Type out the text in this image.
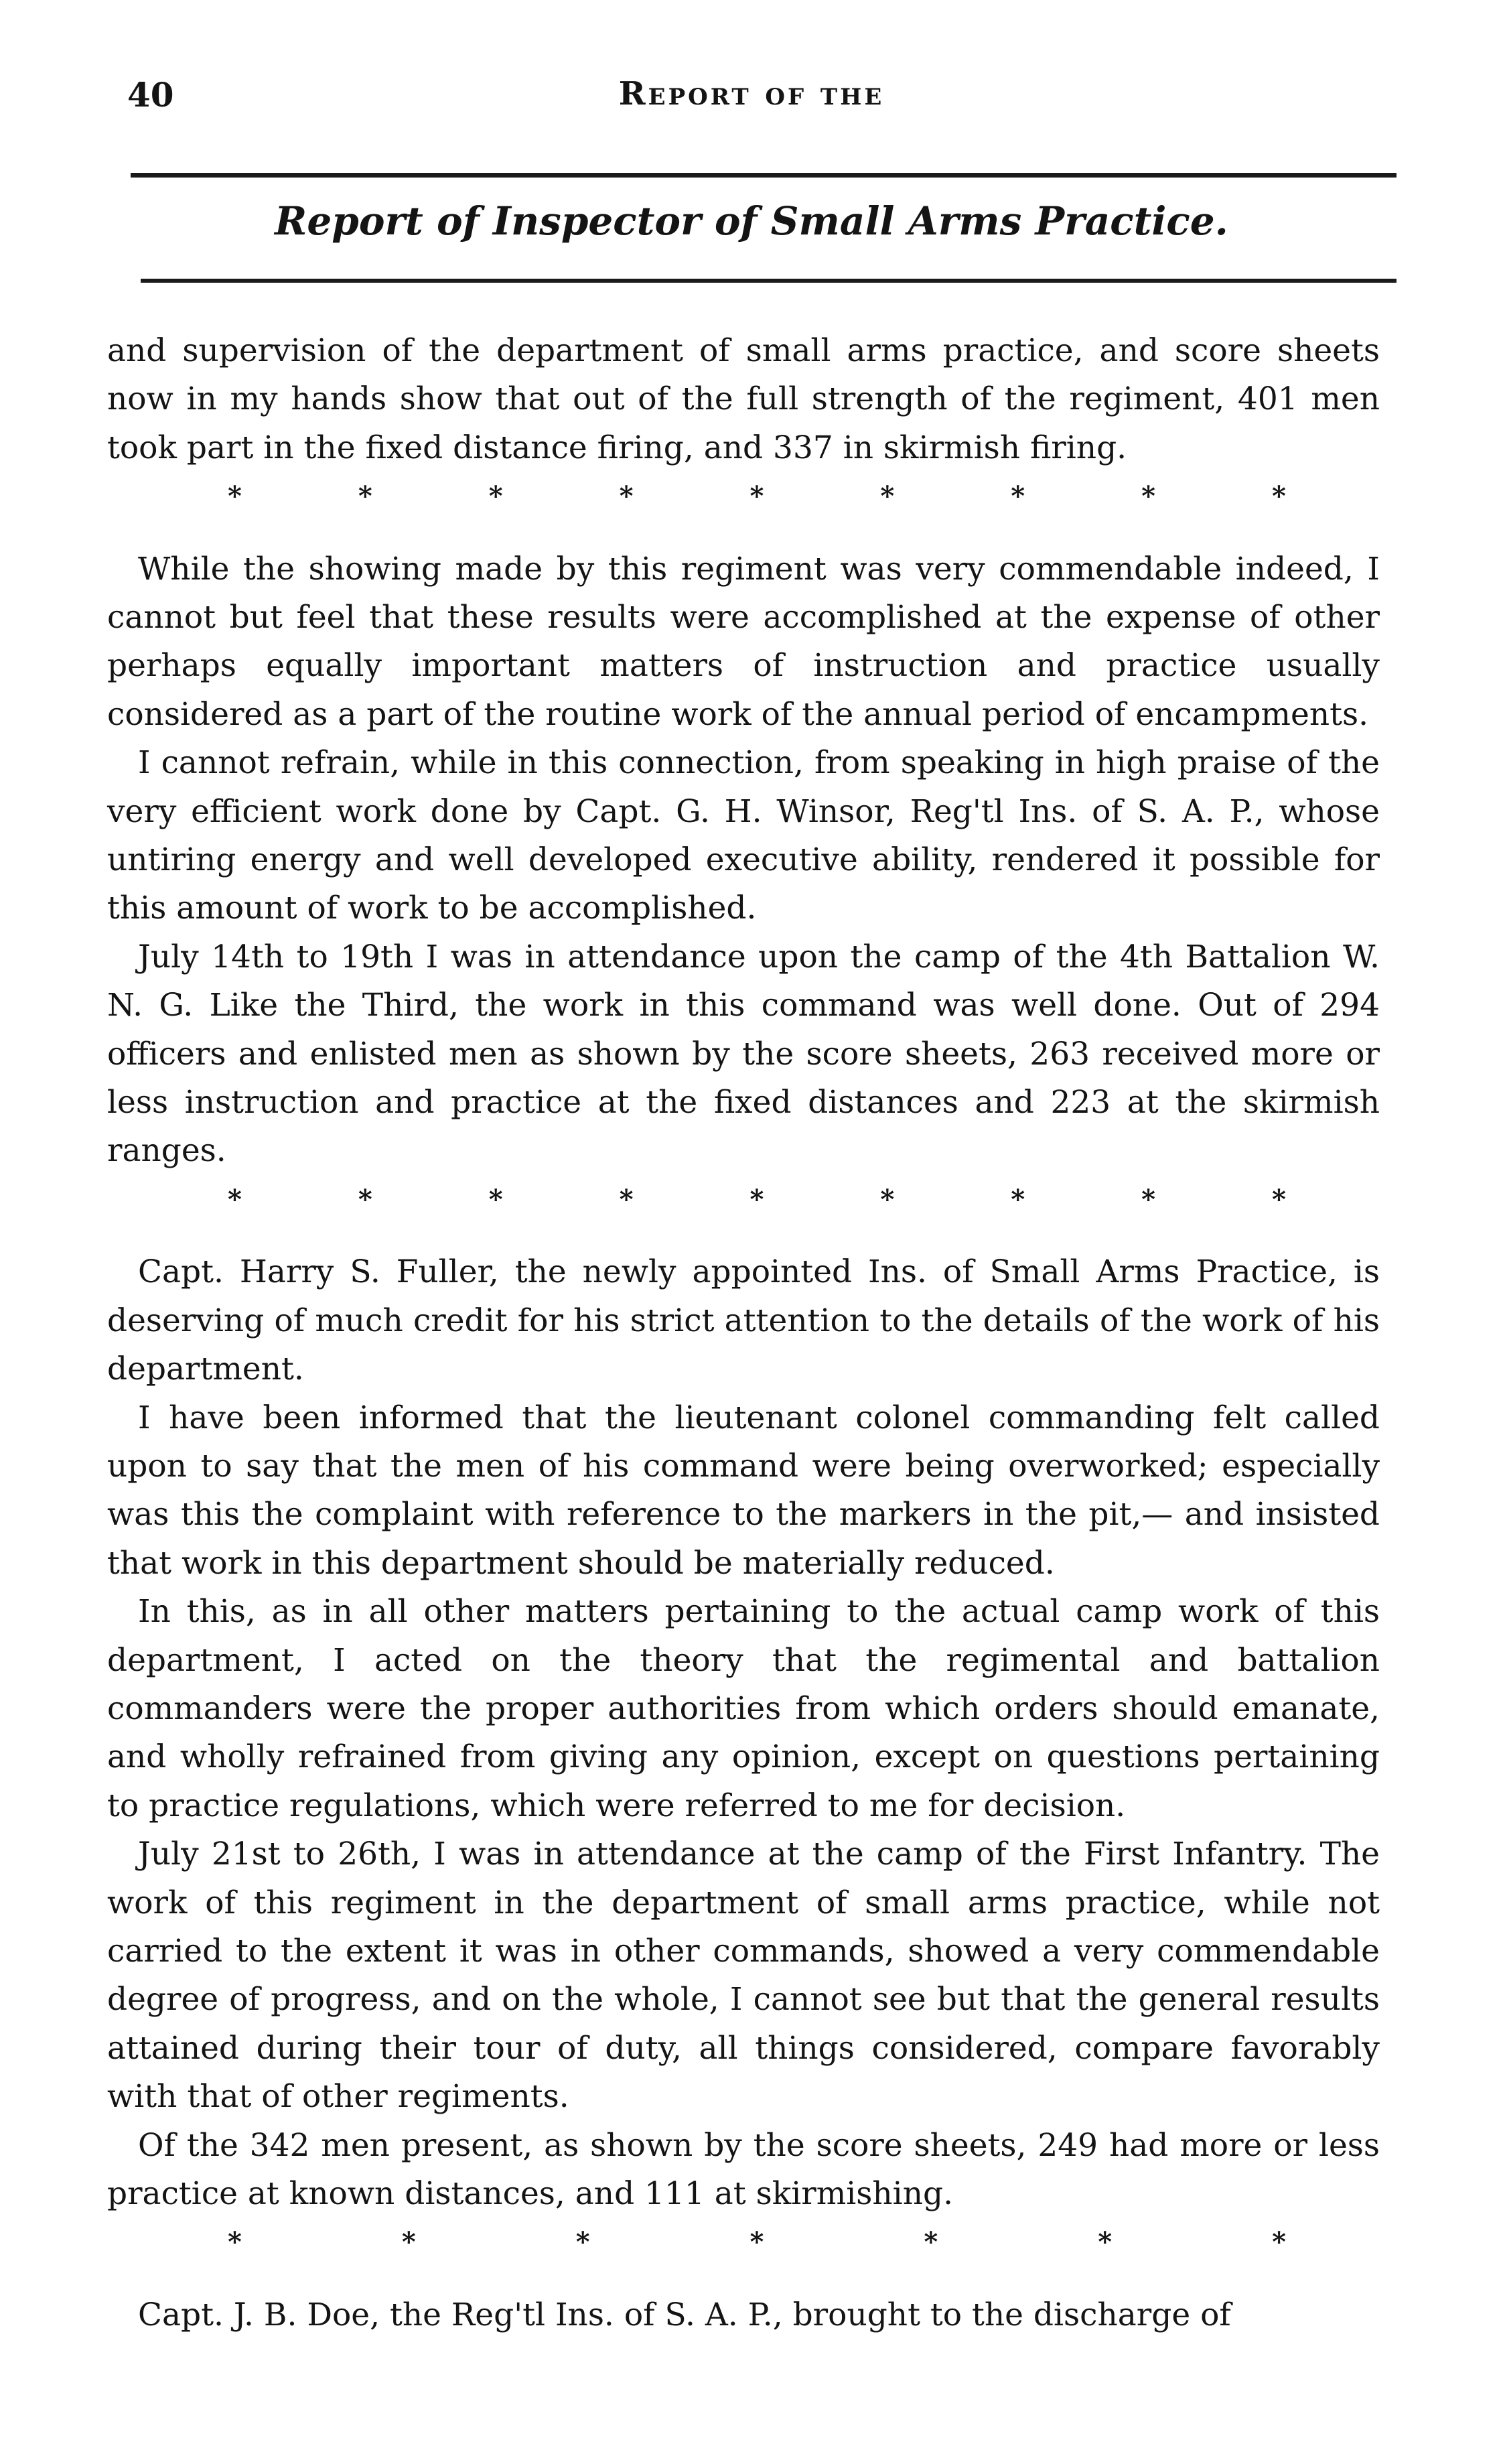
40	Report of the
Report of Inspector of Small Arms Practice.

and supervision of the department of small arms practice, and score sheets now in my hands show that out of the full strength of the regiment, 401 men took part in the fixed distance firing, and 337 in skirmish firing.

*	*	*	*	*	*	*	*	*

While the showing made by this regiment was very commendable indeed, I cannot but feel that these results were accomplished at the expense of other perhaps equally important matters of instruction and practice usually considered as a part of the routine work of the annual period of encampments.

I cannot refrain, while in this connection, from speaking in high praise of the very efficient work done by Capt. G. H. Winsor, Reg'tl Ins. of S. A. P., whose untiring energy and well developed executive ability, rendered it possible for this amount of work to be accomplished.

July 14th to 19th I was in attendance upon the camp of the 4th Battalion W. N. G. Like the Third, the work in this command was well done. Out of 294 officers and enlisted men as shown by the score sheets, 263 received more or less instruction and practice at the fixed distances and 223 at the skirmish ranges.

*	*	*	*	*	*	*	*	*

Capt. Harry S. Fuller, the newly appointed Ins. of Small Arms Practice, is deserving of much credit for his strict attention to the details of the work of his department.

I have been informed that the lieutenant colonel commanding felt called upon to say that the men of his command were being overworked; especially was this the complaint with reference to the markers in the pit,— and insisted that work in this department should be materially reduced.

In this, as in all other matters pertaining to the actual camp work of this department, I acted on the theory that the regimental and battalion commanders were the proper authorities from which orders should emanate, and wholly refrained from giving any opinion, except on questions pertaining to practice regulations, which were referred to me for decision.

July 21st to 26th, I was in attendance at the camp of the First Infantry. The work of this regiment in the department of small arms practice, while not carried to the extent it was in other commands, showed a very commendable degree of progress, and on the whole, I cannot see but that the general results attained during their tour of duty, all things considered, compare favorably with that of other regiments.

Of the 342 men present, as shown by the score sheets, 249 had more or less practice at known distances, and 111 at skirmishing.

*	*	*	*	*	*	*

Capt. J. B. Doe, the Reg'tl Ins. of S. A. P., brought to the discharge of
